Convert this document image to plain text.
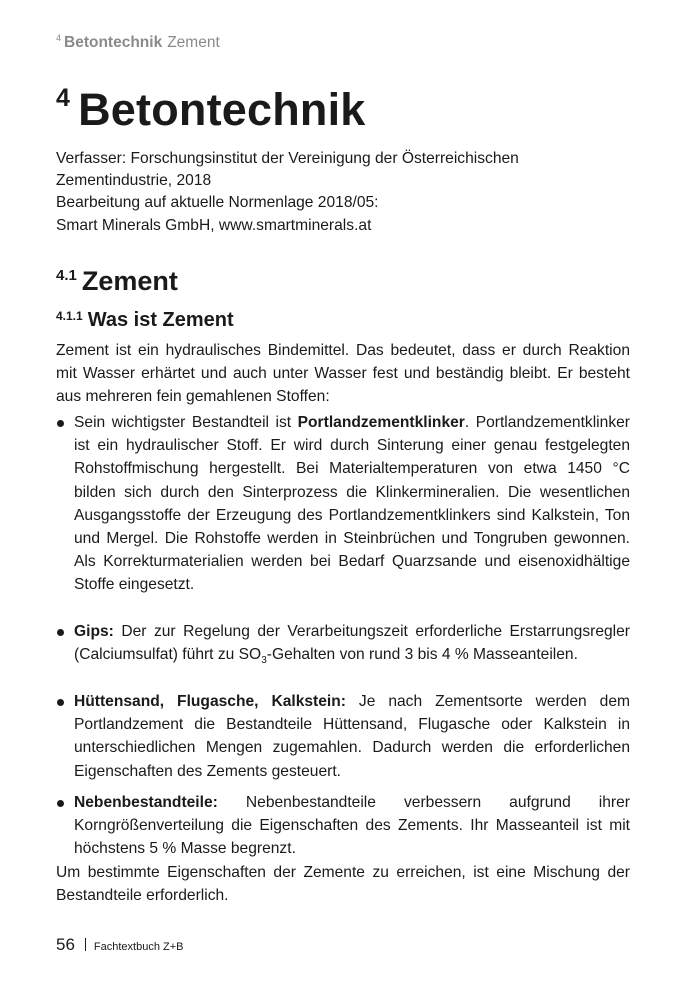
$^4$ Betontechnik Zement
$^4$ Betontechnik
Verfasser: Forschungsinstitut der Vereinigung der Österreichischen
Zementindustrie, 2018
Bearbeitung auf aktuelle Normenlage 2018/05:
Smart Minerals GmbH, www.smartminerals.at
$^{4.1}$ Zement
$^{4.1.1}$ Was ist Zement

Zement ist ein hydraulisches Bindemittel. Das bedeutet, dass er durch Reaktion mit Wasser erhärtet und auch unter Wasser fest und beständig bleibt. Er besteht aus mehreren fein gemahlenen Stoffen:

Sein wichtigster Bestandteil ist Portlandzementklinker. Portlandzementklinker ist ein hydraulischer Stoff. Er wird durch Sinterung einer genau festgelegten Rohstoffmischung hergestellt. Bei Materialtemperaturen von etwa 1450 °C bilden sich durch den Sinterprozess die Klinkermineralien. Die wesentlichen Ausgangsstoffe der Erzeugung des Portlandzementklinkers sind Kalkstein, Ton und Mergel. Die Rohstoffe werden in Steinbrüchen und Tongruben gewonnen. Als Korrekturmaterialien werden bei Bedarf Quarzsande und eisenoxidhältige Stoffe eingesetzt.
Gips: Der zur Regelung der Verarbeitungszeit erforderliche Erstarrungsregler (Calciumsulfat) führt zu $SO_3$-Gehalten von rund 3 bis 4 % Masseanteilen.
Hüttensand, Flugasche, Kalkstein: Je nach Zementsorte werden dem Portlandzement die Bestandteile Hüttensand, Flugasche oder Kalkstein in unterschiedlichen Mengen zugemahlen. Dadurch werden die erforderlichen Eigenschaften des Zements gesteuert.
Nebenbestandteile: Nebenbestandteile verbessern aufgrund ihrer Korngrößenverteilung die Eigenschaften des Zements. Ihr Masseanteil ist mit höchstens 5 % Masse begrenzt.

Um bestimmte Eigenschaften der Zemente zu erreichen, ist eine Mischung der Bestandteile erforderlich.

56 Fachtextbuch Z+B
